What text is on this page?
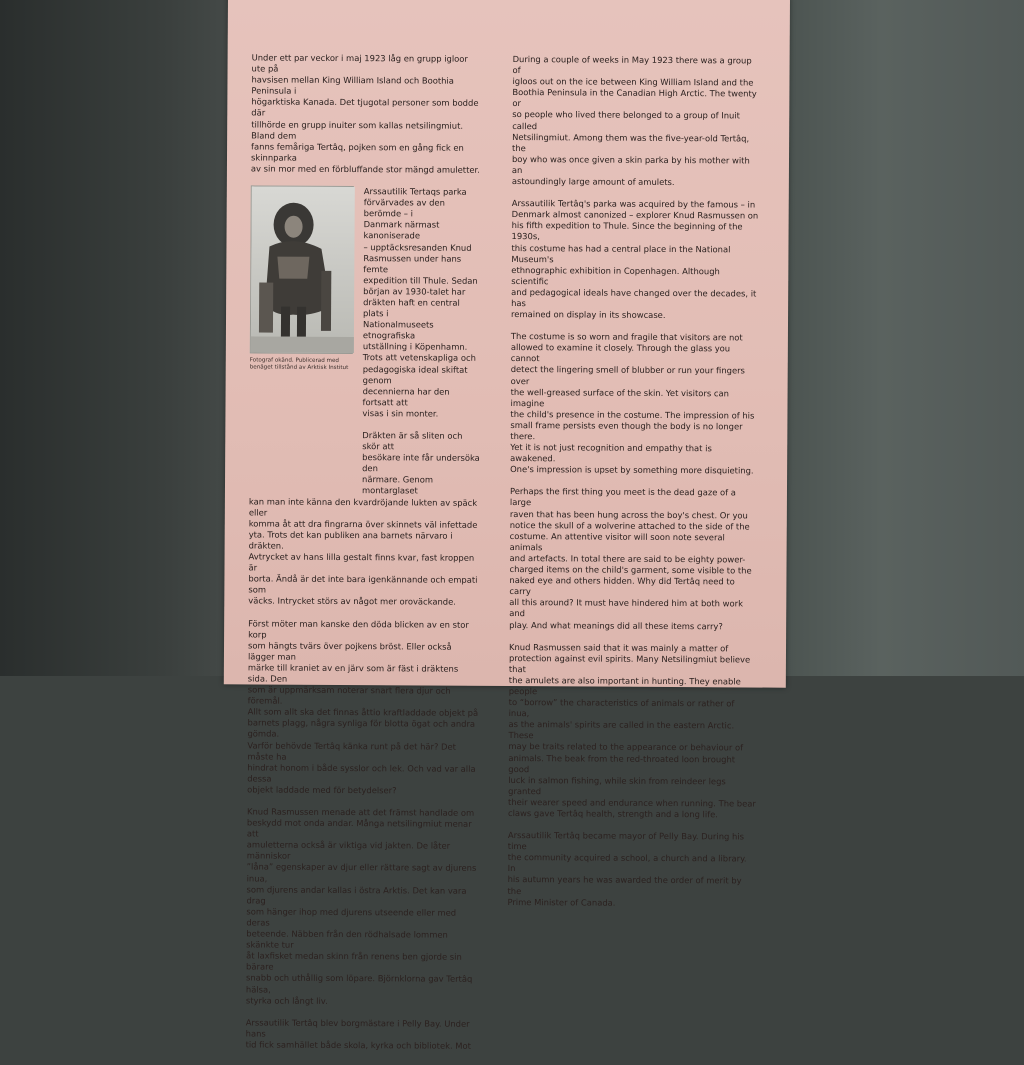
Under ett par veckor i maj 1923 låg en grupp igloor ute på
havsisen mellan King William Island och Boothia Peninsula i
högarktiska Kanada. Det tjugotal personer som bodde där
tillhörde en grupp inuiter som kallas netsilingmiut. Bland dem
fanns femåriga Tertâq, pojken som en gång fick en skinnparka
av sin mor med en förbluffande stor mängd amuletter.

Fotograf okänd. Publicerad med
benäget tillstånd av Arktisk Institut
Arssautilik Tertaqs parka
förvärvades av den berömde – i
Danmark närmast kanoniserade
– upptäcksresanden Knud
Rasmussen under hans femte
expedition till Thule. Sedan
början av 1930-talet har
dräkten haft en central plats i
Nationalmuseets etnografiska
utställning i Köpenhamn.
Trots att vetenskapliga och
pedagogiska ideal skiftat genom
decennierna har den fortsatt att
visas i sin monter.
Dräkten är så sliten och skör att
besökare inte får undersöka den
närmare. Genom montarglaset

kan man inte känna den kvardröjande lukten av späck eller
komma åt att dra fingrarna över skinnets väl infettade
yta. Trots det kan publiken ana barnets närvaro i dräkten.
Avtrycket av hans lilla gestalt finns kvar, fast kroppen är
borta. Ändå är det inte bara igenkännande och empati som
väcks. Intrycket störs av något mer oroväckande.

Först möter man kanske den döda blicken av en stor korp
som hängts tvärs över pojkens bröst. Eller också lägger man
märke till kraniet av en järv som är fäst i dräktens sida. Den
som är uppmärksam noterar snart flera djur och föremål.
Allt som allt ska det finnas åttio kraftladdade objekt på
barnets plagg, några synliga för blotta ögat och andra gömda.
Varför behövde Tertâq känka runt på det här? Det måste ha
hindrat honom i både sysslor och lek. Och vad var alla dessa
objekt laddade med för betydelser?

Knud Rasmussen menade att det främst handlade om
beskydd mot onda andar. Många netsilingmiut menar att
amuletterna också är viktiga vid jakten. De låter människor
”låna” egenskaper av djur eller rättare sagt av djurens inua,
som djurens andar kallas i östra Arktis. Det kan vara drag
som hänger ihop med djurens utseende eller med deras
beteende. Näbben från den rödhalsade lommen skänkte tur
åt laxfisket medan skinn från renens ben gjorde sin bärare
snabb och uthållig som löpare. Björnklorna gav Tertâq hälsa,
styrka och långt liv.

Arssautilik Tertâq blev borgmästare i Pelly Bay. Under hans
tid fick samhället både skola, kyrka och bibliotek. Mot

During a couple of weeks in May 1923 there was a group of
igloos out on the ice between King William Island and the
Boothia Peninsula in the Canadian High Arctic. The twenty or
so people who lived there belonged to a group of Inuit called
Netsilingmiut. Among them was the five-year-old Tertâq, the
boy who was once given a skin parka by his mother with an
astoundingly large amount of amulets.

Arssautilik Tertâq's parka was acquired by the famous – in
Denmark almost canonized – explorer Knud Rasmussen on
his fifth expedition to Thule. Since the beginning of the 1930s,
this costume has had a central place in the National Museum's
ethnographic exhibition in Copenhagen. Although scientific
and pedagogical ideals have changed over the decades, it has
remained on display in its showcase.

The costume is so worn and fragile that visitors are not
allowed to examine it closely. Through the glass you cannot
detect the lingering smell of blubber or run your fingers over
the well-greased surface of the skin. Yet visitors can imagine
the child's presence in the costume. The impression of his
small frame persists even though the body is no longer there.
Yet it is not just recognition and empathy that is awakened.
One's impression is upset by something more disquieting.

Perhaps the first thing you meet is the dead gaze of a large
raven that has been hung across the boy's chest. Or you
notice the skull of a wolverine attached to the side of the
costume. An attentive visitor will soon note several animals
and artefacts. In total there are said to be eighty power-
charged items on the child's garment, some visible to the
naked eye and others hidden. Why did Tertâq need to carry
all this around? It must have hindered him at both work and
play. And what meanings did all these items carry?

Knud Rasmussen said that it was mainly a matter of
protection against evil spirits. Many Netsilingmiut believe that
the amulets are also important in hunting. They enable people
to “borrow” the characteristics of animals or rather of inua,
as the animals' spirits are called in the eastern Arctic. These
may be traits related to the appearance or behaviour of
animals. The beak from the red-throated loon brought good
luck in salmon fishing, while skin from reindeer legs granted
their wearer speed and endurance when running. The bear
claws gave Tertâq health, strength and a long life.

Arssautilik Tertâq became mayor of Pelly Bay. During his time
the community acquired a school, a church and a library. In
his autumn years he was awarded the order of merit by the
Prime Minister of Canada.
